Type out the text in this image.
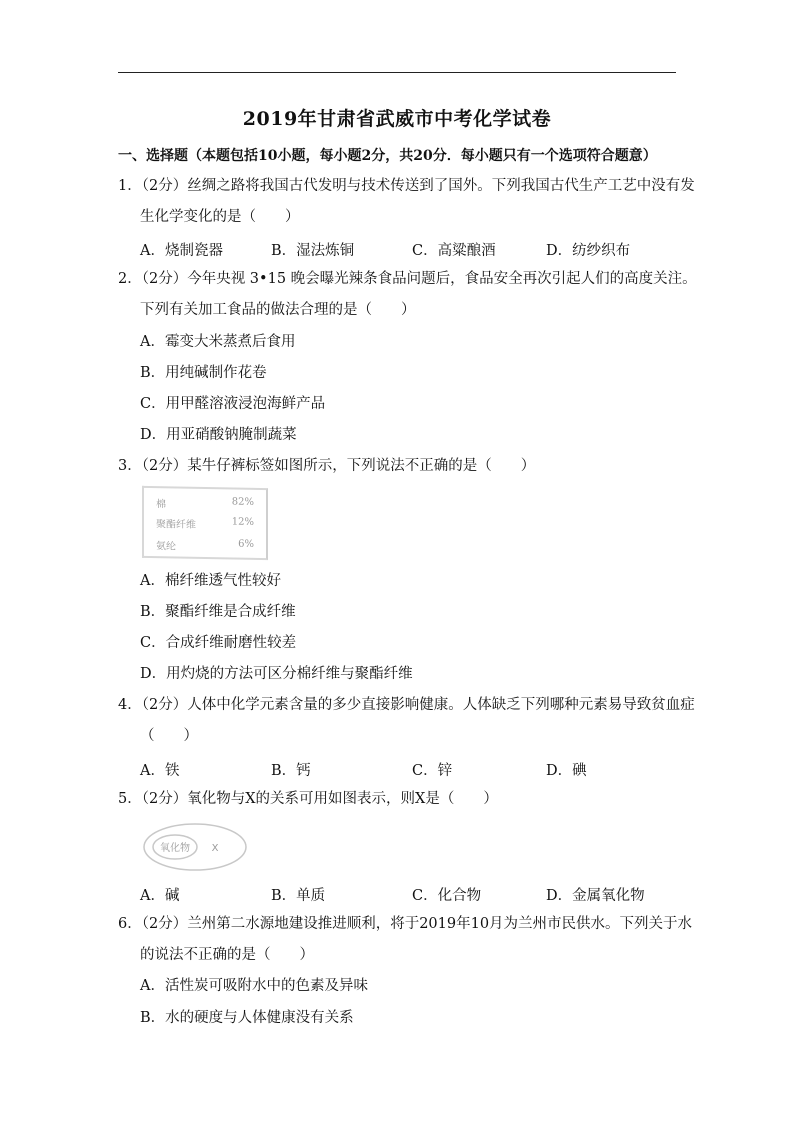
2019年甘肃省武威市中考化学试卷
一、选择题（本题包括10小题，每小题2分，共20分．每小题只有一个选项符合题意）
1．（2分）丝绸之路将我国古代发明与技术传送到了国外。下列我国古代生产工艺中没有发
生化学变化的是（　　）
A．烧制瓷器	B．湿法炼铜	C．高粱酿酒	D．纺纱织布
2．（2分）今年央视 3•15 晚会曝光辣条食品问题后，食品安全再次引起人们的高度关注。
下列有关加工食品的做法合理的是（　　）
A．霉变大米蒸煮后食用
B．用纯碱制作花卷
C．用甲醛溶液浸泡海鲜产品
D．用亚硝酸钠腌制蔬菜
3．（2分）某牛仔裤标签如图所示，下列说法不正确的是（　　）
棉	82%
聚酯纤维	12%
氨纶	6%
A．棉纤维透气性较好
B．聚酯纤维是合成纤维
C．合成纤维耐磨性较差
D．用灼烧的方法可区分棉纤维与聚酯纤维
4．（2分）人体中化学元素含量的多少直接影响健康。人体缺乏下列哪种元素易导致贫血症
（　　）
A．铁	B．钙	C．锌	D．碘
5．（2分）氧化物与X的关系可用如图表示，则X是（　　）
氧化物 X
A．碱	B．单质	C．化合物	D．金属氧化物
6．（2分）兰州第二水源地建设推进顺利，将于2019年10月为兰州市民供水。下列关于水
的说法不正确的是（　　）
A．活性炭可吸附水中的色素及异味
B．水的硬度与人体健康没有关系
